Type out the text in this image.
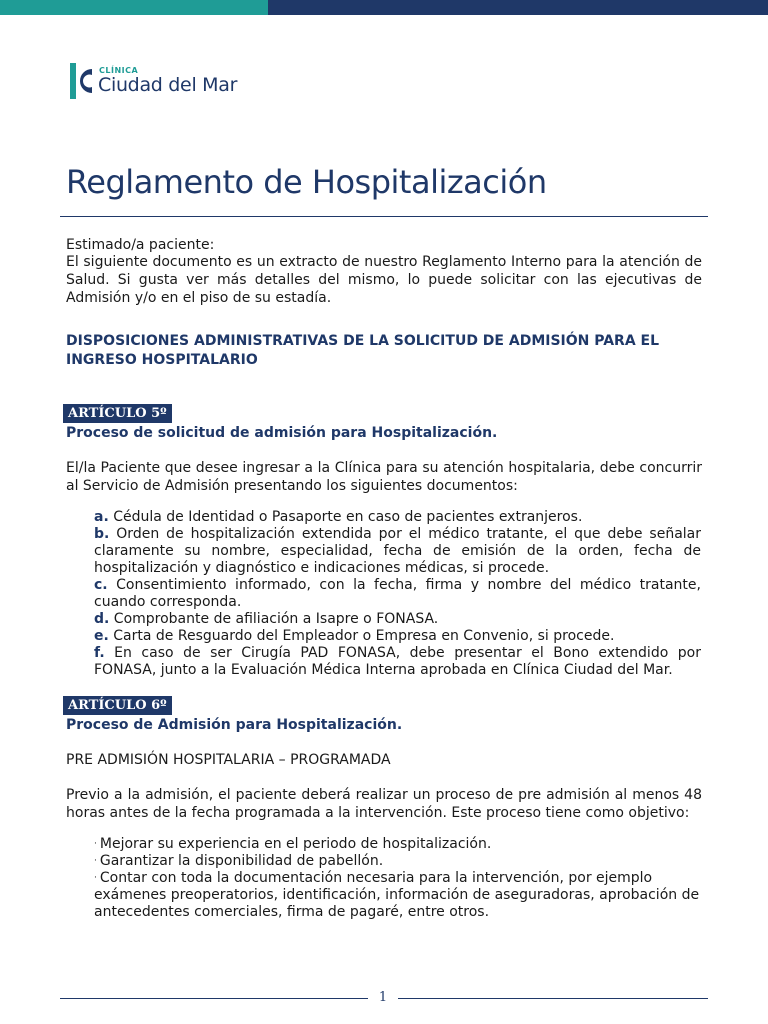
CLÍNICA
Ciudad del Mar
Reglamento de Hospitalización

Estimado/a paciente:

El siguiente documento es un extracto de nuestro Reglamento Interno para la atención de Salud. Si gusta ver más detalles del mismo, lo puede solicitar con las ejecutivas de Admisión y/o en el piso de su estadía.

DISPOSICIONES ADMINISTRATIVAS DE LA SOLICITUD DE ADMISIÓN PARA EL INGRESO HOSPITALARIO

ARTÍCULO 5º

Proceso de solicitud de admisión para Hospitalización.

El/la Paciente que desee ingresar a la Clínica para su atención hospitalaria, debe concurrir al Servicio de Admisión presentando los siguientes documentos:

a. Cédula de Identidad o Pasaporte en caso de pacientes extranjeros.
b. Orden de hospitalización extendida por el médico tratante, el que debe señalar claramente su nombre, especialidad, fecha de emisión de la orden, fecha de hospitalización y diagnóstico e indicaciones médicas, si procede.
c. Consentimiento informado, con la fecha, firma y nombre del médico tratante, cuando corresponda.
d. Comprobante de afiliación a Isapre o FONASA.
e. Carta de Resguardo del Empleador o Empresa en Convenio, si procede.
f. En caso de ser Cirugía PAD FONASA, debe presentar el Bono extendido por FONASA, junto a la Evaluación Médica Interna aprobada en Clínica Ciudad del Mar.
ARTÍCULO 6º

Proceso de Admisión para Hospitalización.

PRE ADMISIÓN HOSPITALARIA – PROGRAMADA

Previo a la admisión, el paciente deberá realizar un proceso de pre admisión al menos 48 horas antes de la fecha programada a la intervención. Este proceso tiene como objetivo:

· Mejorar su experiencia en el periodo de hospitalización.
· Garantizar la disponibilidad de pabellón.
· Contar con toda la documentación necesaria para la intervención, por ejemplo exámenes preoperatorios, identificación, información de aseguradoras, aprobación de antecedentes comerciales, firma de pagaré, entre otros.
1
